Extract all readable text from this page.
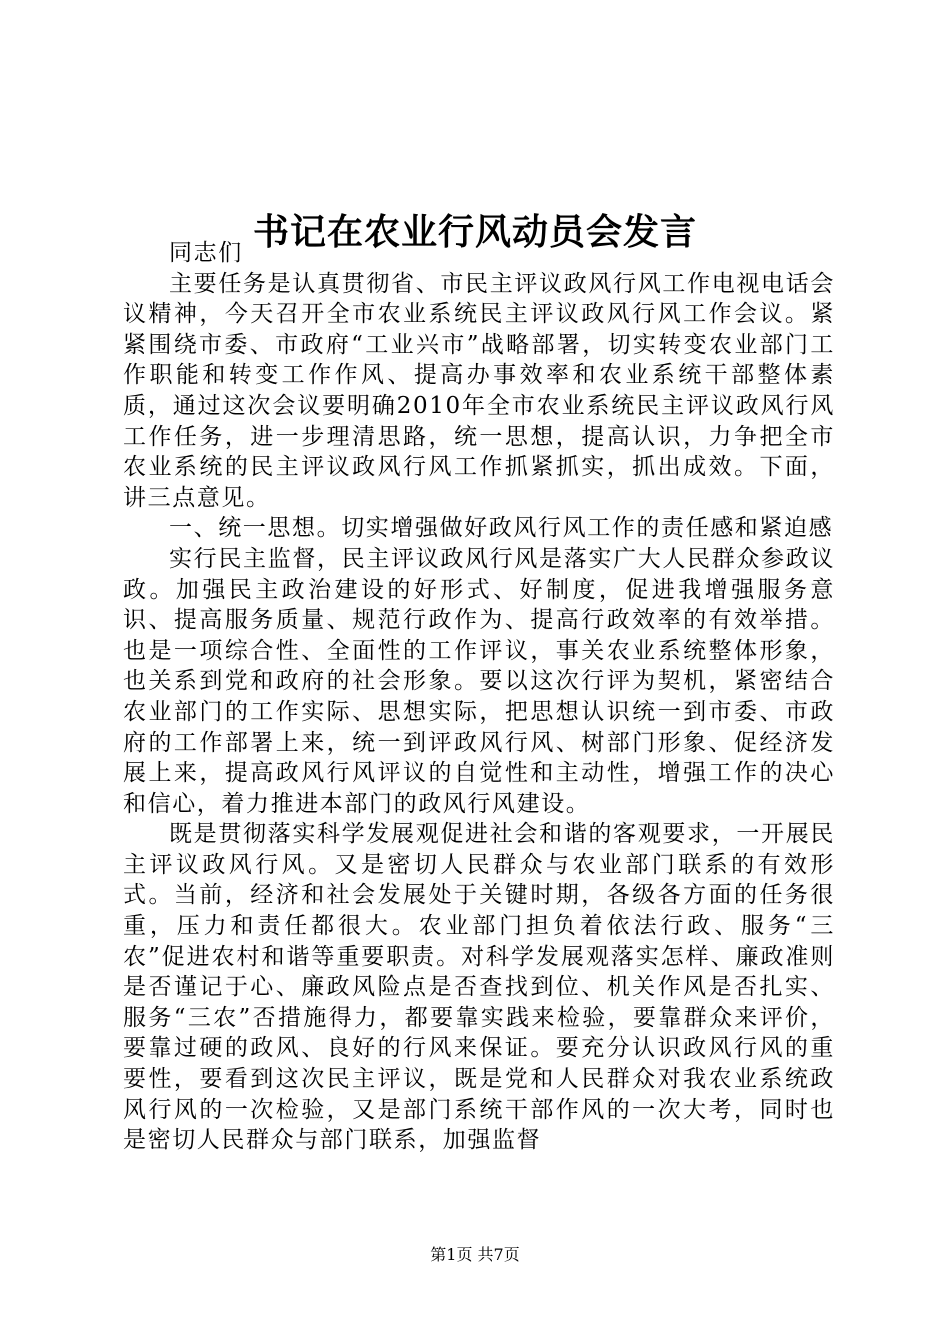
书记在农业行风动员会发言

同志们

主要任务是认真贯彻省、市民主评议政风行风工作电视电话会议精神，今天召开全市农业系统民主评议政风行风工作会议。紧紧围绕市委、市政府“工业兴市”战略部署，切实转变农业部门工作职能和转变工作作风、提高办事效率和农业系统干部整体素质，通过这次会议要明确2010年全市农业系统民主评议政风行风工作任务，进一步理清思路，统一思想，提高认识，力争把全市农业系统的民主评议政风行风工作抓紧抓实，抓出成效。下面，讲三点意见。

一、统一思想。切实增强做好政风行风工作的责任感和紧迫感

实行民主监督，民主评议政风行风是落实广大人民群众参政议政。加强民主政治建设的好形式、好制度，促进我增强服务意识、提高服务质量、规范行政作为、提高行政效率的有效举措。也是一项综合性、全面性的工作评议，事关农业系统整体形象，也关系到党和政府的社会形象。要以这次行评为契机，紧密结合农业部门的工作实际、思想实际，把思想认识统一到市委、市政府的工作部署上来，统一到评政风行风、树部门形象、促经济发展上来，提高政风行风评议的自觉性和主动性，增强工作的决心和信心，着力推进本部门的政风行风建设。

既是贯彻落实科学发展观促进社会和谐的客观要求，一开展民主评议政风行风。又是密切人民群众与农业部门联系的有效形式。当前，经济和社会发展处于关键时期，各级各方面的任务很重，压力和责任都很大。农业部门担负着依法行政、服务“三农”促进农村和谐等重要职责。对科学发展观落实怎样、廉政准则是否谨记于心、廉政风险点是否查找到位、机关作风是否扎实、服务“三农”否措施得力，都要靠实践来检验，要靠群众来评价，要靠过硬的政风、良好的行风来保证。要充分认识政风行风的重要性，要看到这次民主评议，既是党和人民群众对我农业系统政风行风的一次检验，又是部门系统干部作风的一次大考，同时也是密切人民群众与部门联系，加强监督

第1页 共7页
